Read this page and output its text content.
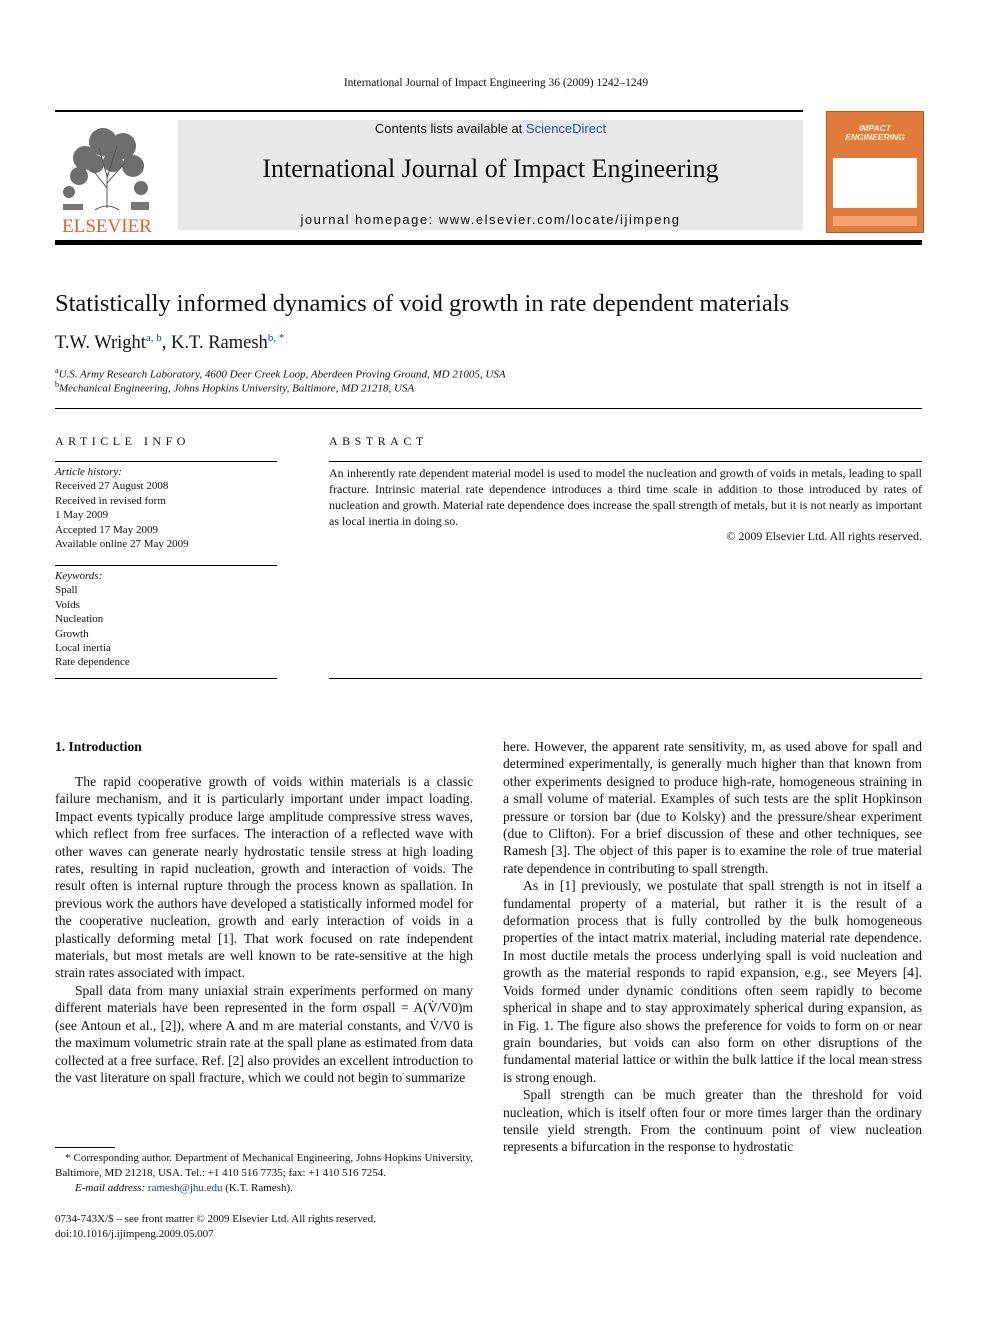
International Journal of Impact Engineering 36 (2009) 1242–1249
ELSEVIER
Contents lists available at ScienceDirect
International Journal of Impact Engineering
journal homepage: www.elsevier.com/locate/ijimpeng
IMPACT ENGINEERING
Statistically informed dynamics of void growth in rate dependent materials
T.W. Wright$^{a, b}$, K.T. Ramesh$^{b, *}$
$^a$U.S. Army Research Laboratory, 4600 Deer Creek Loop, Aberdeen Proving Ground, MD 21005, USA
$^b$Mechanical Engineering, Johns Hopkins University, Baltimore, MD 21218, USA
ARTICLE INFO
Article history:
Received 27 August 2008
Received in revised form
1 May 2009
Accepted 17 May 2009
Available online 27 May 2009
Keywords:
Spall
Voids
Nucleation
Growth
Local inertia
Rate dependence
ABSTRACT
An inherently rate dependent material model is used to model the nucleation and growth of voids in metals, leading to spall fracture. Intrinsic material rate dependence introduces a third time scale in addition to those introduced by rates of nucleation and growth. Material rate dependence does increase the spall strength of metals, but it is not nearly as important as local inertia in doing so.
© 2009 Elsevier Ltd. All rights reserved.
1. Introduction

The rapid cooperative growth of voids within materials is a classic failure mechanism, and it is particularly important under impact loading. Impact events typically produce large amplitude compressive stress waves, which reflect from free surfaces. The interaction of a reflected wave with other waves can generate nearly hydrostatic tensile stress at high loading rates, resulting in rapid nucleation, growth and interaction of voids. The result often is internal rupture through the process known as spallation. In previous work the authors have developed a statistically informed model for the cooperative nucleation, growth and early interaction of voids in a plastically deforming metal [1]. That work focused on rate independent materials, but most metals are well known to be rate-sensitive at the high strain rates associated with impact.

Spall data from many uniaxial strain experiments performed on many different materials have been represented in the form σspall = A(V̇/V0)m (see Antoun et al., [2]), where A and m are material constants, and V̇/V0 is the maximum volumetric strain rate at the spall plane as estimated from data collected at a free surface. Ref. [2] also provides an excellent introduction to the vast literature on spall fracture, which we could not begin to summarize

here. However, the apparent rate sensitivity, m, as used above for spall and determined experimentally, is generally much higher than that known from other experiments designed to produce high-rate, homogeneous straining in a small volume of material. Examples of such tests are the split Hopkinson pressure or torsion bar (due to Kolsky) and the pressure/shear experiment (due to Clifton). For a brief discussion of these and other techniques, see Ramesh [3]. The object of this paper is to examine the role of true material rate dependence in contributing to spall strength.

As in [1] previously, we postulate that spall strength is not in itself a fundamental property of a material, but rather it is the result of a deformation process that is fully controlled by the bulk homogeneous properties of the intact matrix material, including material rate dependence. In most ductile metals the process underlying spall is void nucleation and growth as the material responds to rapid expansion, e.g., see Meyers [4]. Voids formed under dynamic conditions often seem rapidly to become spherical in shape and to stay approximately spherical during expansion, as in Fig. 1. The figure also shows the preference for voids to form on or near grain boundaries, but voids can also form on other disruptions of the fundamental material lattice or within the bulk lattice if the local mean stress is strong enough.

Spall strength can be much greater than the threshold for void nucleation, which is itself often four or more times larger than the ordinary tensile yield strength. From the continuum point of view nucleation represents a bifurcation in the response to hydrostatic

* Corresponding author. Department of Mechanical Engineering, Johns Hopkins University, Baltimore, MD 21218, USA. Tel.: +1 410 516 7735; fax: +1 410 516 7254.
E-mail address: ramesh@jhu.edu (K.T. Ramesh).
0734-743X/$ – see front matter © 2009 Elsevier Ltd. All rights reserved.
doi:10.1016/j.ijimpeng.2009.05.007
